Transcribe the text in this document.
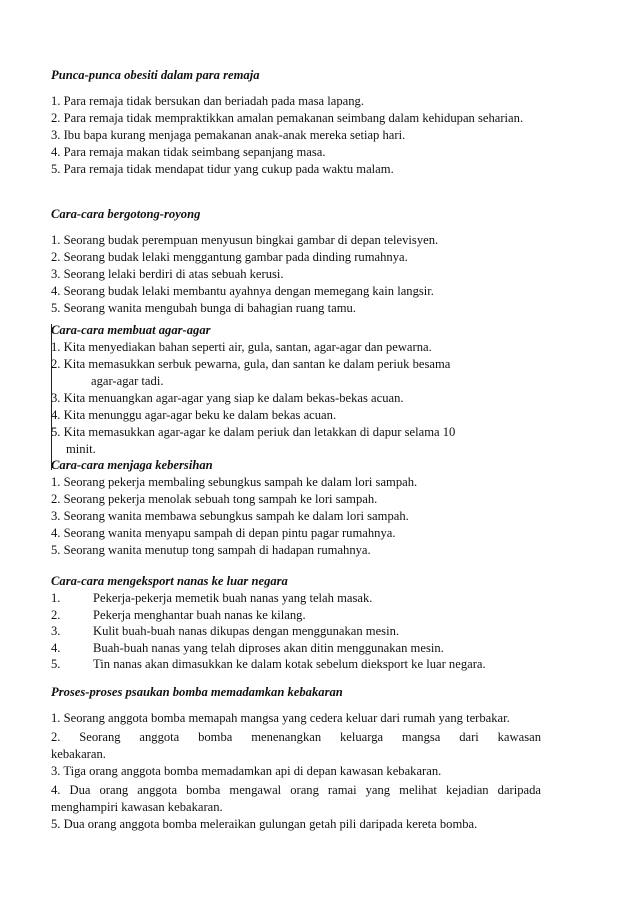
Punca-punca obesiti dalam para remaja
1. Para remaja tidak bersukan dan beriadah pada masa lapang.
2. Para remaja tidak mempraktikkan amalan pemakanan seimbang dalam kehidupan seharian.
3. Ibu bapa kurang menjaga pemakanan anak-anak mereka setiap hari.
4. Para remaja makan tidak seimbang sepanjang masa.
5. Para remaja tidak mendapat tidur yang cukup pada waktu malam.
Cara-cara bergotong-royong
1. Seorang budak perempuan menyusun bingkai gambar di depan televisyen.
2. Seorang budak lelaki menggantung gambar pada dinding rumahnya.
3. Seorang lelaki berdiri di atas sebuah kerusi.
4. Seorang budak lelaki membantu ayahnya dengan memegang kain langsir.
5. Seorang wanita mengubah bunga di bahagian ruang tamu.
Cara-cara membuat agar-agar
1. Kita menyediakan bahan seperti air, gula, santan, agar-agar dan pewarna.
2. Kita memasukkan serbuk pewarna, gula, dan santan ke dalam periuk besama
agar-agar tadi.
3. Kita menuangkan agar-agar yang siap ke dalam bekas-bekas acuan.
4. Kita menunggu agar-agar beku ke dalam bekas acuan.
5. Kita memasukkan agar-agar ke dalam periuk dan letakkan di dapur selama 10
minit.
Cara-cara menjaga kebersihan
1. Seorang pekerja membaling sebungkus sampah ke dalam lori sampah.
2. Seorang pekerja menolak sebuah tong sampah ke lori sampah.
3. Seorang wanita membawa sebungkus sampah ke dalam lori sampah.
4. Seorang wanita menyapu sampah di depan pintu pagar rumahnya.
5. Seorang wanita menutup tong sampah di hadapan rumahnya.
Cara-cara mengeksport nanas ke luar negara
1.	Pekerja-pekerja memetik buah nanas yang telah masak.
2.	Pekerja menghantar buah nanas ke kilang.
3.	Kulit buah-buah nanas dikupas dengan menggunakan mesin.
4.	Buah-buah nanas yang telah diproses akan ditin menggunakan mesin.
5.	Tin nanas akan dimasukkan ke dalam kotak sebelum dieksport ke luar negara.
Proses-proses psaukan bomba memadamkan kebakaran
1. Seorang anggota bomba memapah mangsa yang cedera keluar dari rumah yang terbakar.
2. Seorang anggota bomba menenangkan keluarga mangsa dari kawasan kebakaran.
3. Tiga orang anggota bomba memadamkan api di depan kawasan kebakaran.
4. Dua orang anggota bomba mengawal orang ramai yang melihat kejadian daripada menghampiri kawasan kebakaran.
5. Dua orang anggota bomba meleraikan gulungan getah pili daripada kereta bomba.
